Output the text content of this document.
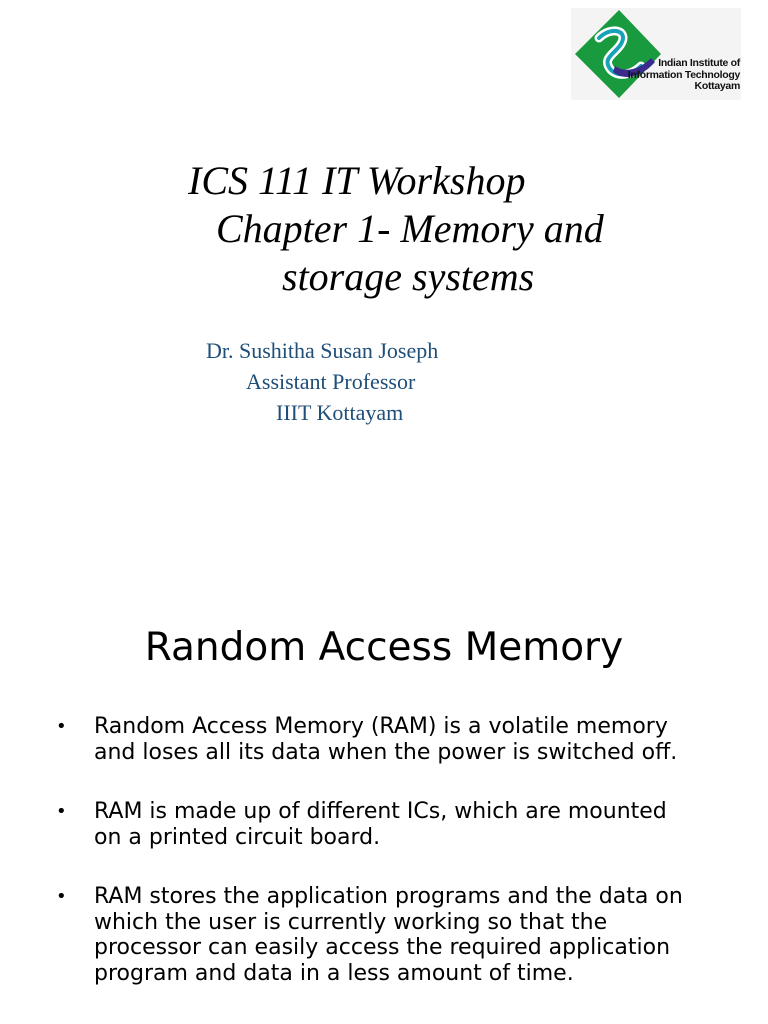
Indian Institute of
Information Technology
Kottayam
ICS 111 IT Workshop
Chapter 1- Memory and
storage systems
Dr. Sushitha Susan Joseph
Assistant Professor
IIIT Kottayam
Random Access Memory
• Random Access Memory (RAM) is a volatile memory
and loses all its data when the power is switched off.
• RAM is made up of different ICs, which are mounted
on a printed circuit board.
• RAM stores the application programs and the data on
which the user is currently working so that the
processor can easily access the required application
program and data in a less amount of time.
